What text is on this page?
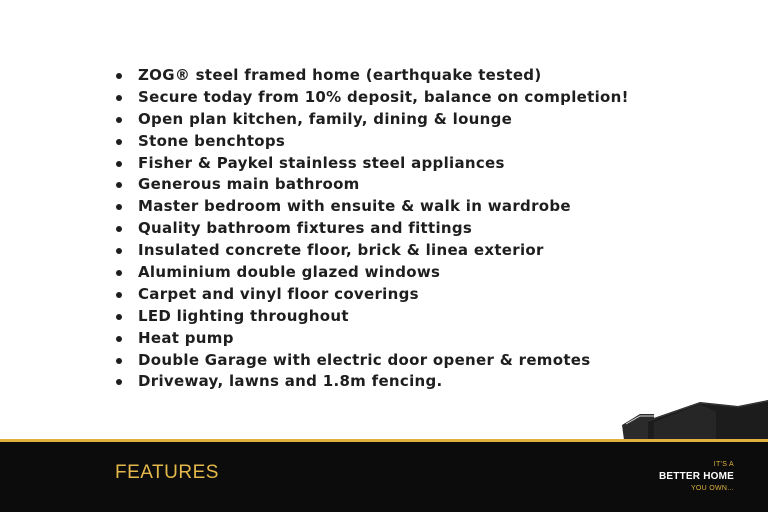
ZOG® steel framed home (earthquake tested)
Secure today from 10% deposit, balance on completion!
Open plan kitchen, family, dining & lounge
Stone benchtops
Fisher & Paykel stainless steel appliances
Generous main bathroom
Master bedroom with ensuite & walk in wardrobe
Quality bathroom fixtures and fittings
Insulated concrete floor, brick & linea exterior
Aluminium double glazed windows
Carpet and vinyl floor coverings
LED lighting throughout
Heat pump
Double Garage with electric door opener & remotes
Driveway, lawns and 1.8m fencing.
FEATURES	IT'S A
BETTER HOME
YOU OWN...
